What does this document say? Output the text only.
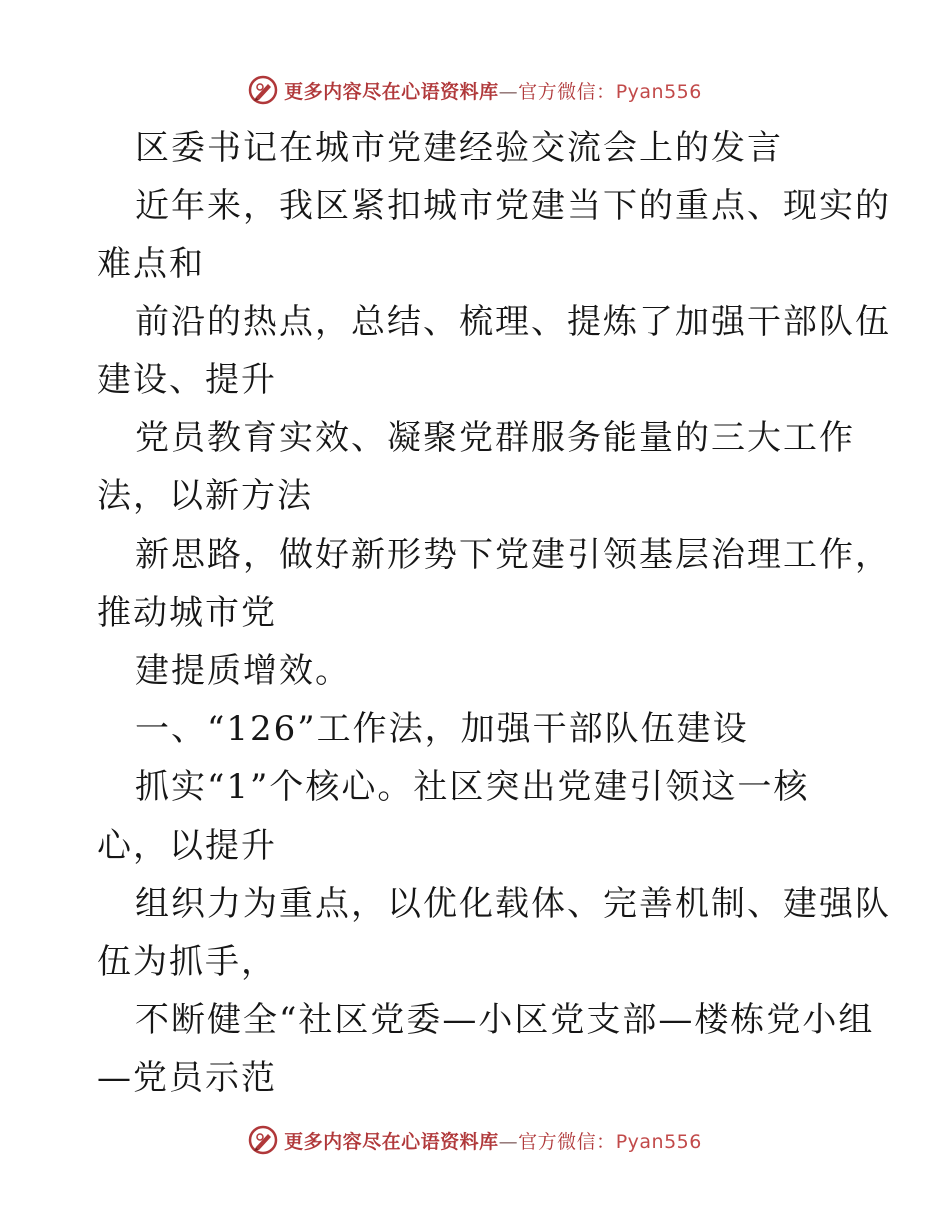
更多内容尽在心语资料库—官方微信：Pyan556
区委书记在城市党建经验交流会上的发言
近年来，我区紧扣城市党建当下的重点、现实的
难点和
前沿的热点，总结、梳理、提炼了加强干部队伍
建设、提升
党员教育实效、凝聚党群服务能量的三大工作
法，以新方法
新思路，做好新形势下党建引领基层治理工作，
推动城市党
建提质增效。
一、“126”工作法，加强干部队伍建设
抓实“1”个核心。社区突出党建引领这一核
心，以提升
组织力为重点，以优化载体、完善机制、建强队
伍为抓手，
不断健全“社区党委—小区党支部—楼栋党小组
—党员示范
更多内容尽在心语资料库—官方微信：Pyan556
